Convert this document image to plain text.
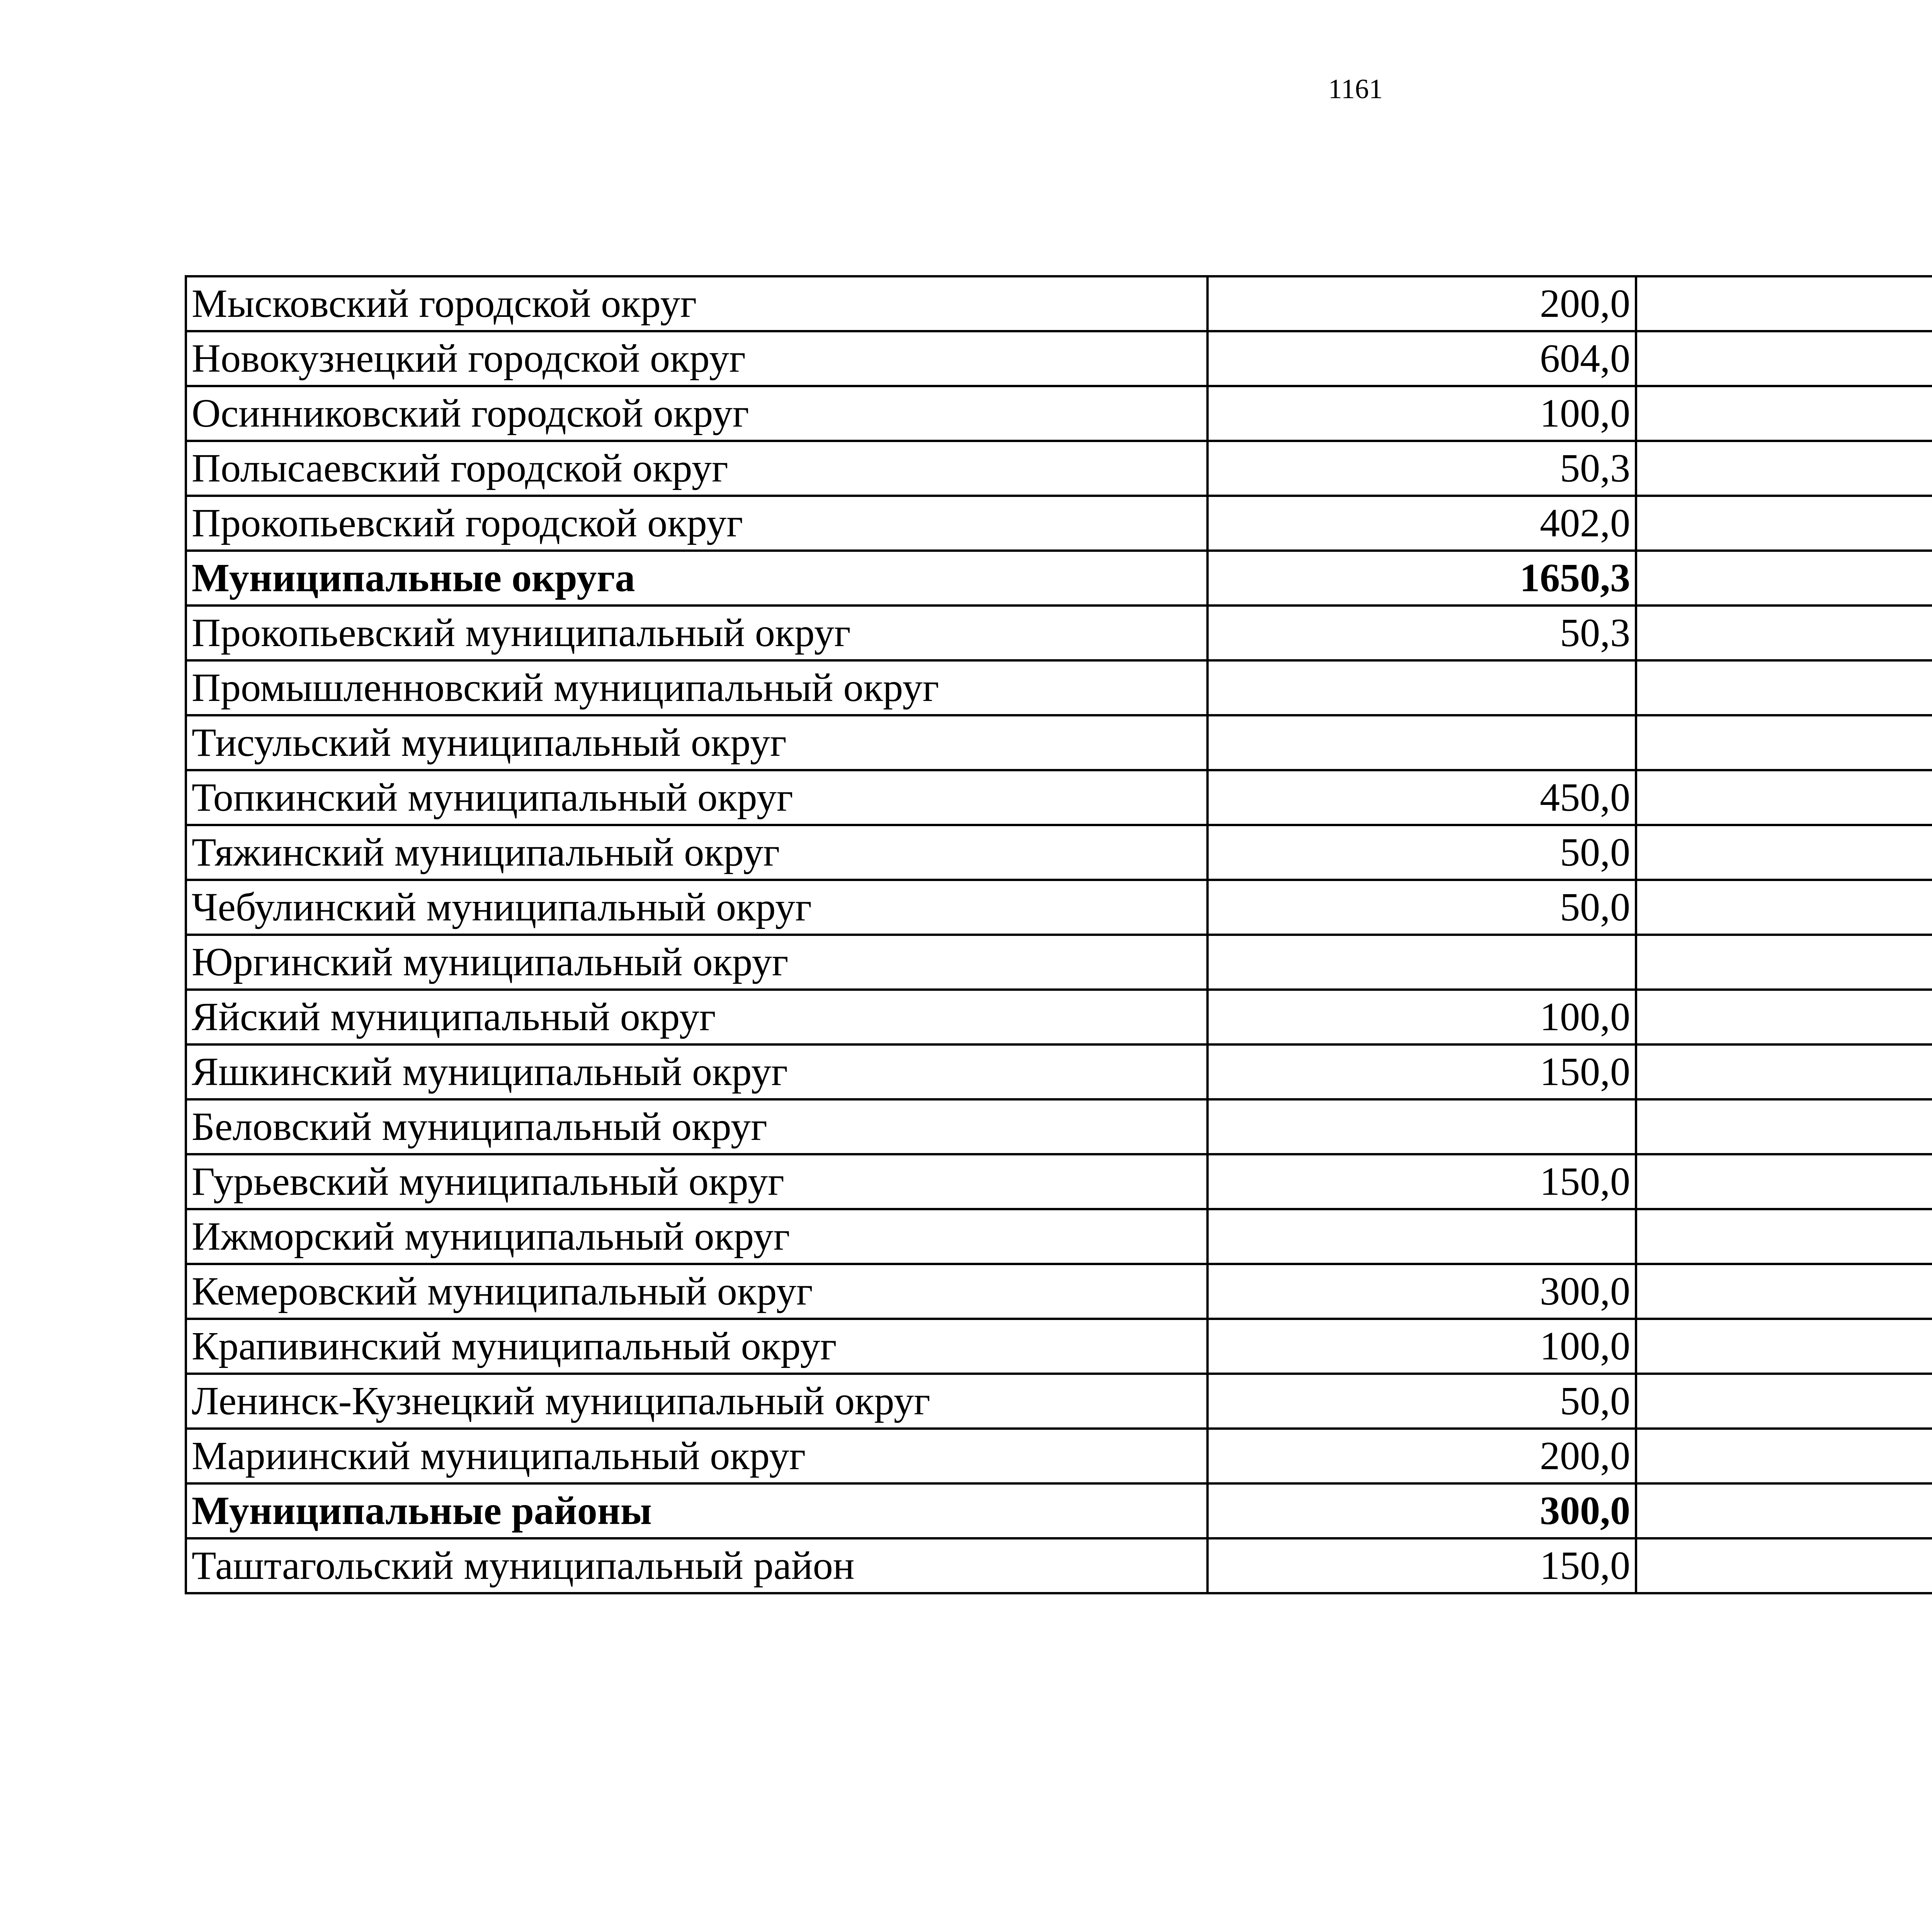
1161
Мысковский городской округ	200,0		
Новокузнецкий городской округ	604,0		
Осинниковский городской округ	100,0		
Полысаевский городской округ	50,3		
Прокопьевский городской округ	402,0		
Муниципальные округа	1650,3		
Прокопьевский муниципальный округ	50,3		
Промышленновский муниципальный округ			
Тисульский муниципальный округ			
Топкинский муниципальный округ	450,0		
Тяжинский муниципальный округ	50,0		
Чебулинский муниципальный округ	50,0		
Юргинский муниципальный округ			
Яйский муниципальный округ	100,0		
Яшкинский муниципальный округ	150,0		
Беловский муниципальный округ			
Гурьевский муниципальный округ	150,0		
Ижморский муниципальный округ			
Кемеровский муниципальный округ	300,0		
Крапивинский муниципальный округ	100,0		
Ленинск-Кузнецкий муниципальный округ	50,0		
Мариинский муниципальный округ	200,0		
Муниципальные районы	300,0		
Таштагольский муниципальный район	150,0		
